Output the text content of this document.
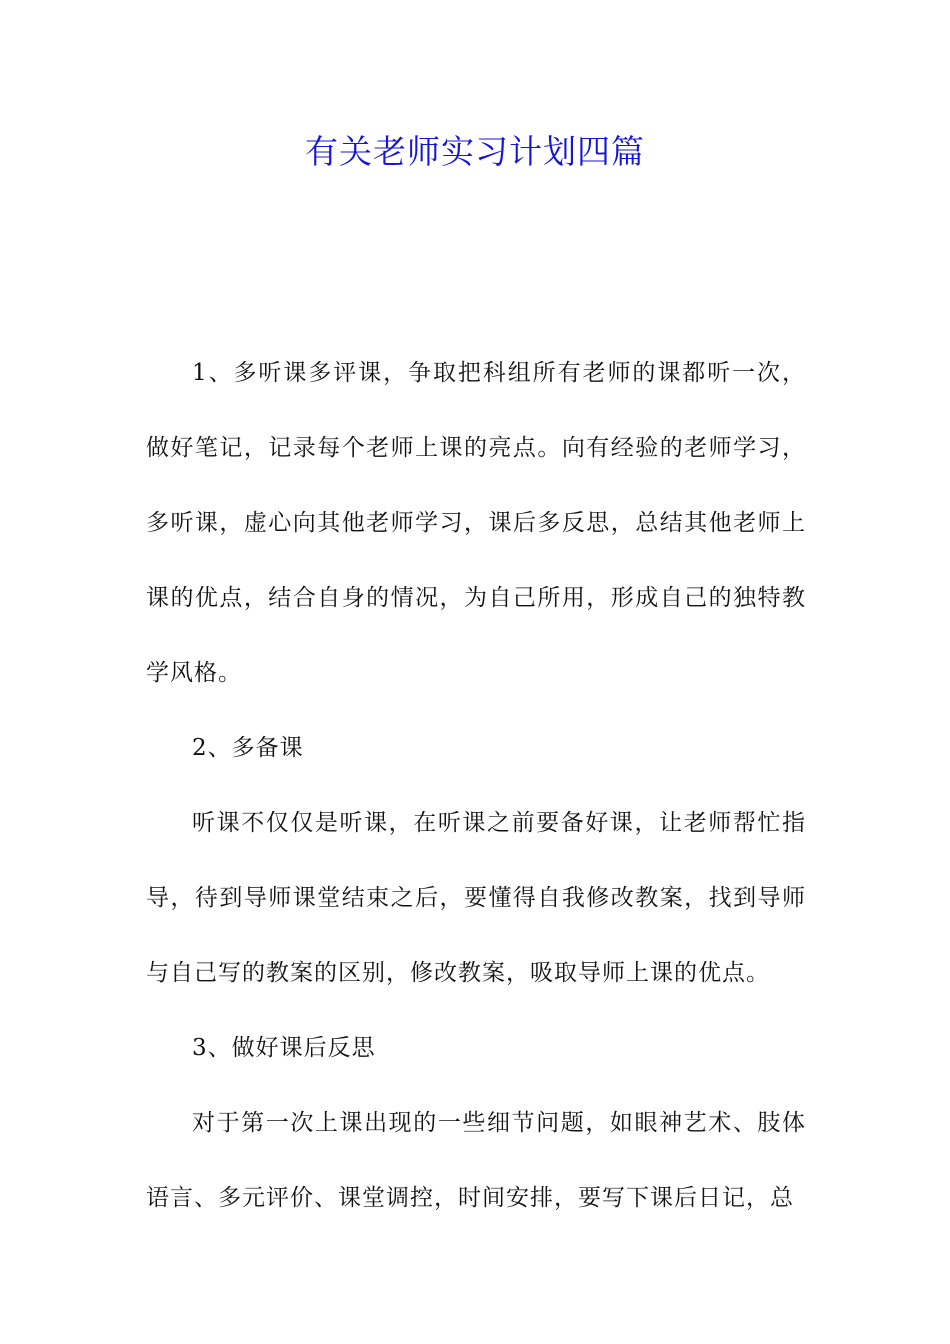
有关老师实习计划四篇

1、多听课多评课，争取把科组所有老师的课都听一次，做好笔记，记录每个老师上课的亮点。向有经验的老师学习，多听课，虚心向其他老师学习，课后多反思，总结其他老师上课的优点，结合自身的情况，为自己所用，形成自己的独特教学风格。

2、多备课

听课不仅仅是听课，在听课之前要备好课，让老师帮忙指导，待到导师课堂结束之后，要懂得自我修改教案，找到导师与自己写的教案的区别，修改教案，吸取导师上课的优点。

3、做好课后反思

对于第一次上课出现的一些细节问题，如眼神艺术、肢体语言、多元评价、课堂调控，时间安排，要写下课后日记，总
